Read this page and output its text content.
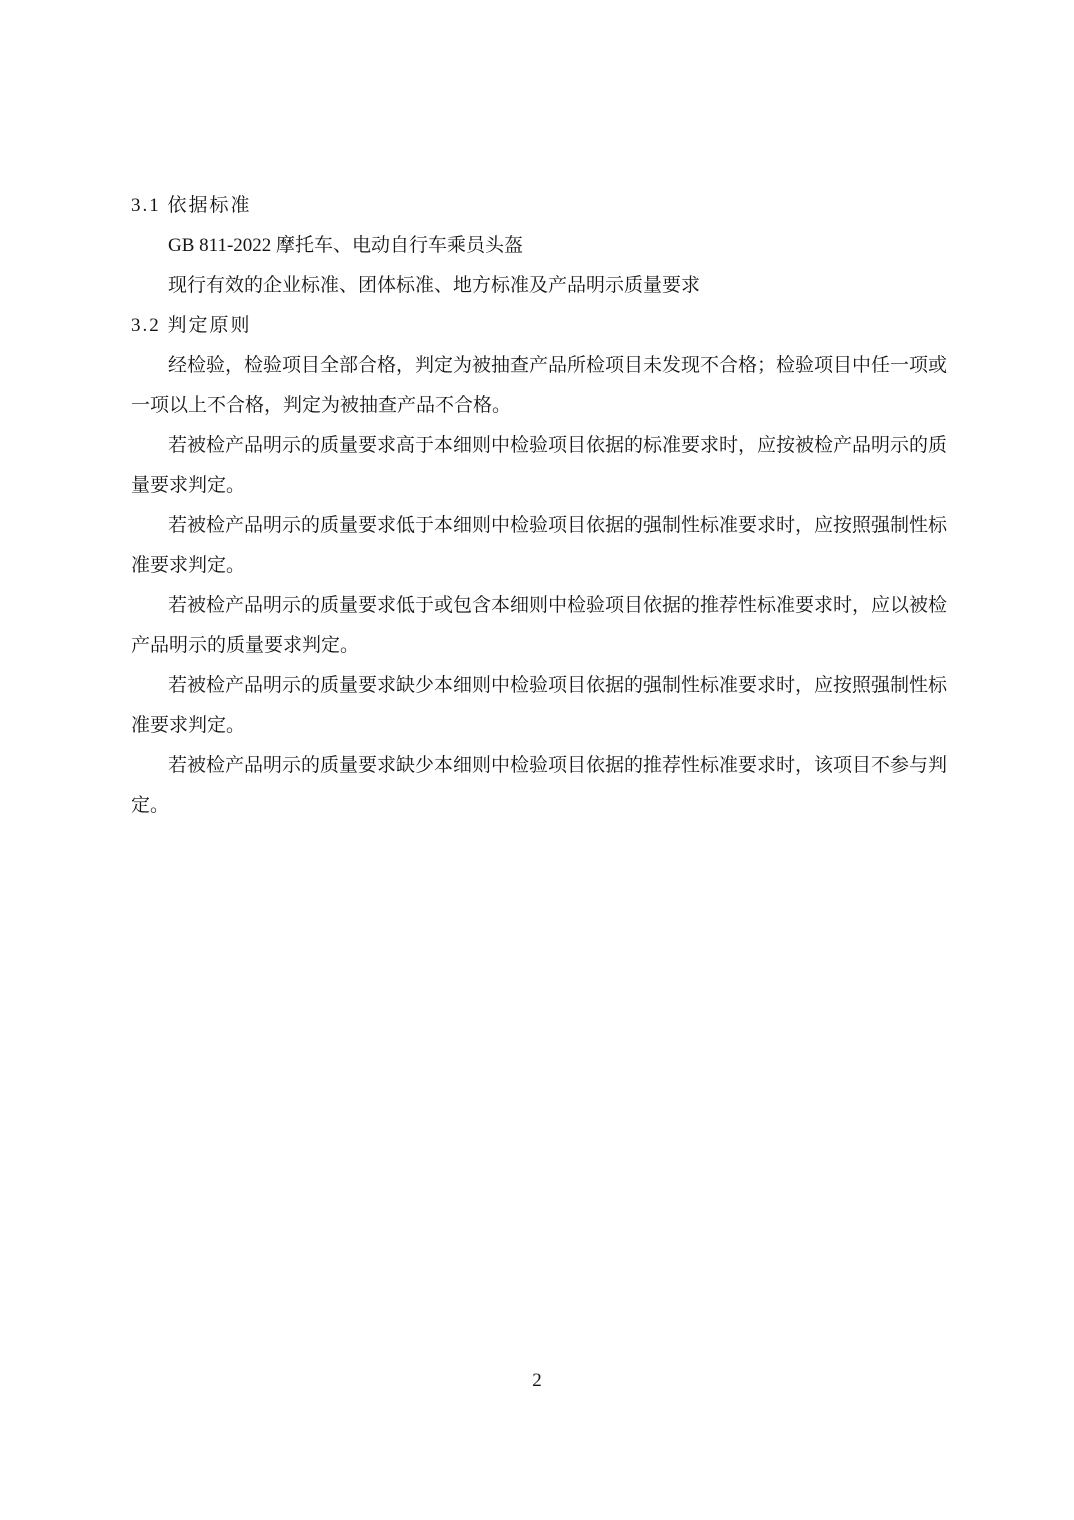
3.1 依据标准
GB 811-2022 摩托车、电动自行车乘员头盔
现行有效的企业标准、团体标准、地方标准及产品明示质量要求
3.2 判定原则
经检验，检验项目全部合格，判定为被抽查产品所检项目未发现不合格；检验项目中任一项或
一项以上不合格，判定为被抽查产品不合格。
若被检产品明示的质量要求高于本细则中检验项目依据的标准要求时，应按被检产品明示的质
量要求判定。
若被检产品明示的质量要求低于本细则中检验项目依据的强制性标准要求时，应按照强制性标
准要求判定。
若被检产品明示的质量要求低于或包含本细则中检验项目依据的推荐性标准要求时，应以被检
产品明示的质量要求判定。
若被检产品明示的质量要求缺少本细则中检验项目依据的强制性标准要求时，应按照强制性标
准要求判定。
若被检产品明示的质量要求缺少本细则中检验项目依据的推荐性标准要求时，该项目不参与判
定。
2
